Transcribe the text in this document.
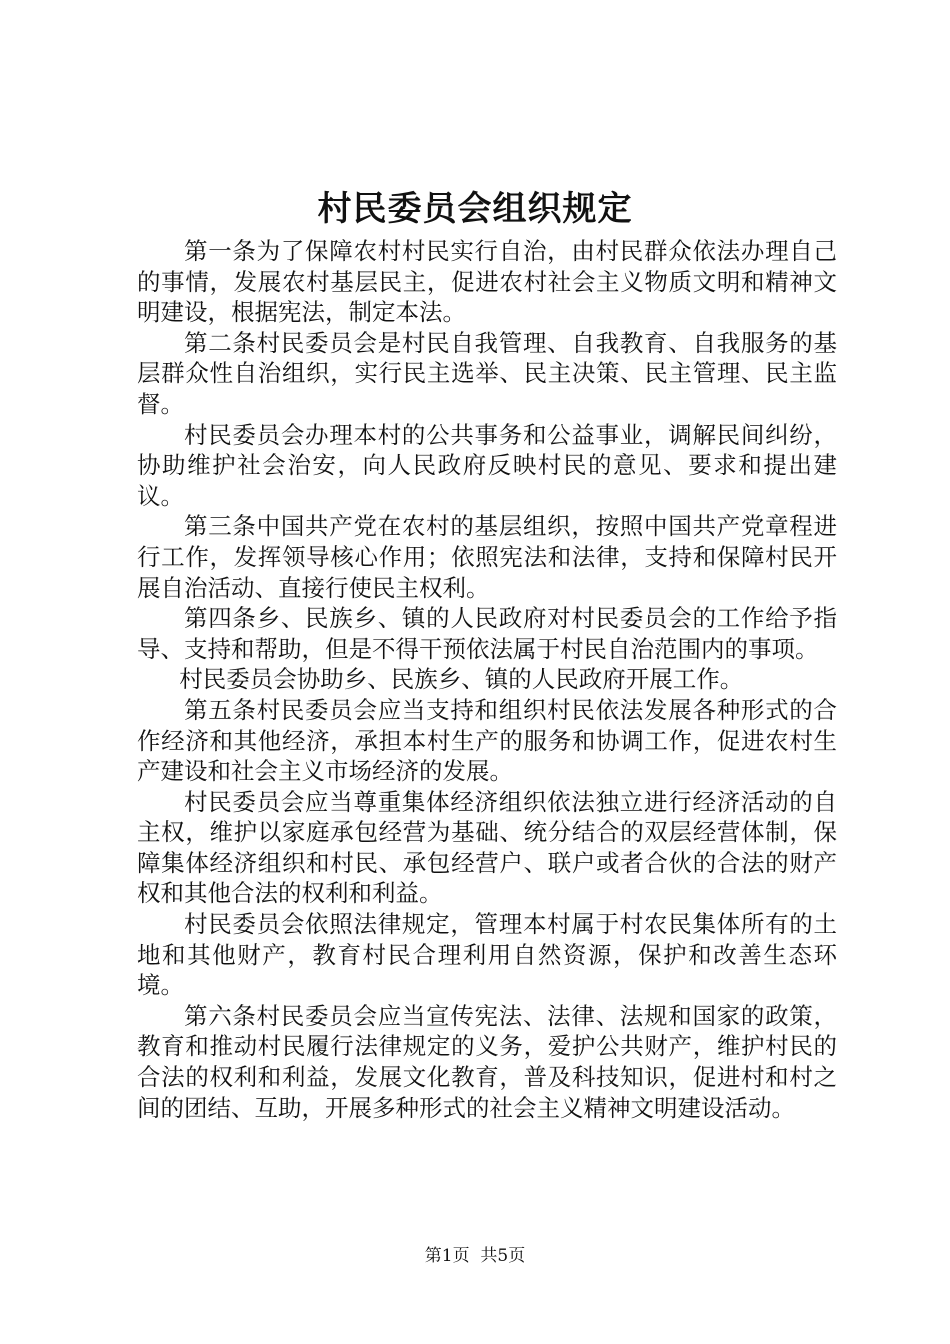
村民委员会组织规定

第一条为了保障农村村民实行自治，由村民群众依法办理自己的事情，发展农村基层民主，促进农村社会主义物质文明和精神文明建设，根据宪法，制定本法。

第二条村民委员会是村民自我管理、自我教育、自我服务的基层群众性自治组织，实行民主选举、民主决策、民主管理、民主监督。

村民委员会办理本村的公共事务和公益事业，调解民间纠纷，协助维护社会治安，向人民政府反映村民的意见、要求和提出建议。

第三条中国共产党在农村的基层组织，按照中国共产党章程进行工作，发挥领导核心作用；依照宪法和法律，支持和保障村民开展自治活动、直接行使民主权利。

第四条乡、民族乡、镇的人民政府对村民委员会的工作给予指导、支持和帮助，但是不得干预依法属于村民自治范围内的事项。

村民委员会协助乡、民族乡、镇的人民政府开展工作。

第五条村民委员会应当支持和组织村民依法发展各种形式的合作经济和其他经济，承担本村生产的服务和协调工作，促进农村生产建设和社会主义市场经济的发展。

村民委员会应当尊重集体经济组织依法独立进行经济活动的自主权，维护以家庭承包经营为基础、统分结合的双层经营体制，保障集体经济组织和村民、承包经营户、联户或者合伙的合法的财产权和其他合法的权利和利益。

村民委员会依照法律规定，管理本村属于村农民集体所有的土地和其他财产，教育村民合理利用自然资源，保护和改善生态环境。

第六条村民委员会应当宣传宪法、法律、法规和国家的政策，教育和推动村民履行法律规定的义务，爱护公共财产，维护村民的合法的权利和利益，发展文化教育，普及科技知识，促进村和村之间的团结、互助，开展多种形式的社会主义精神文明建设活动。

第1页 共5页
